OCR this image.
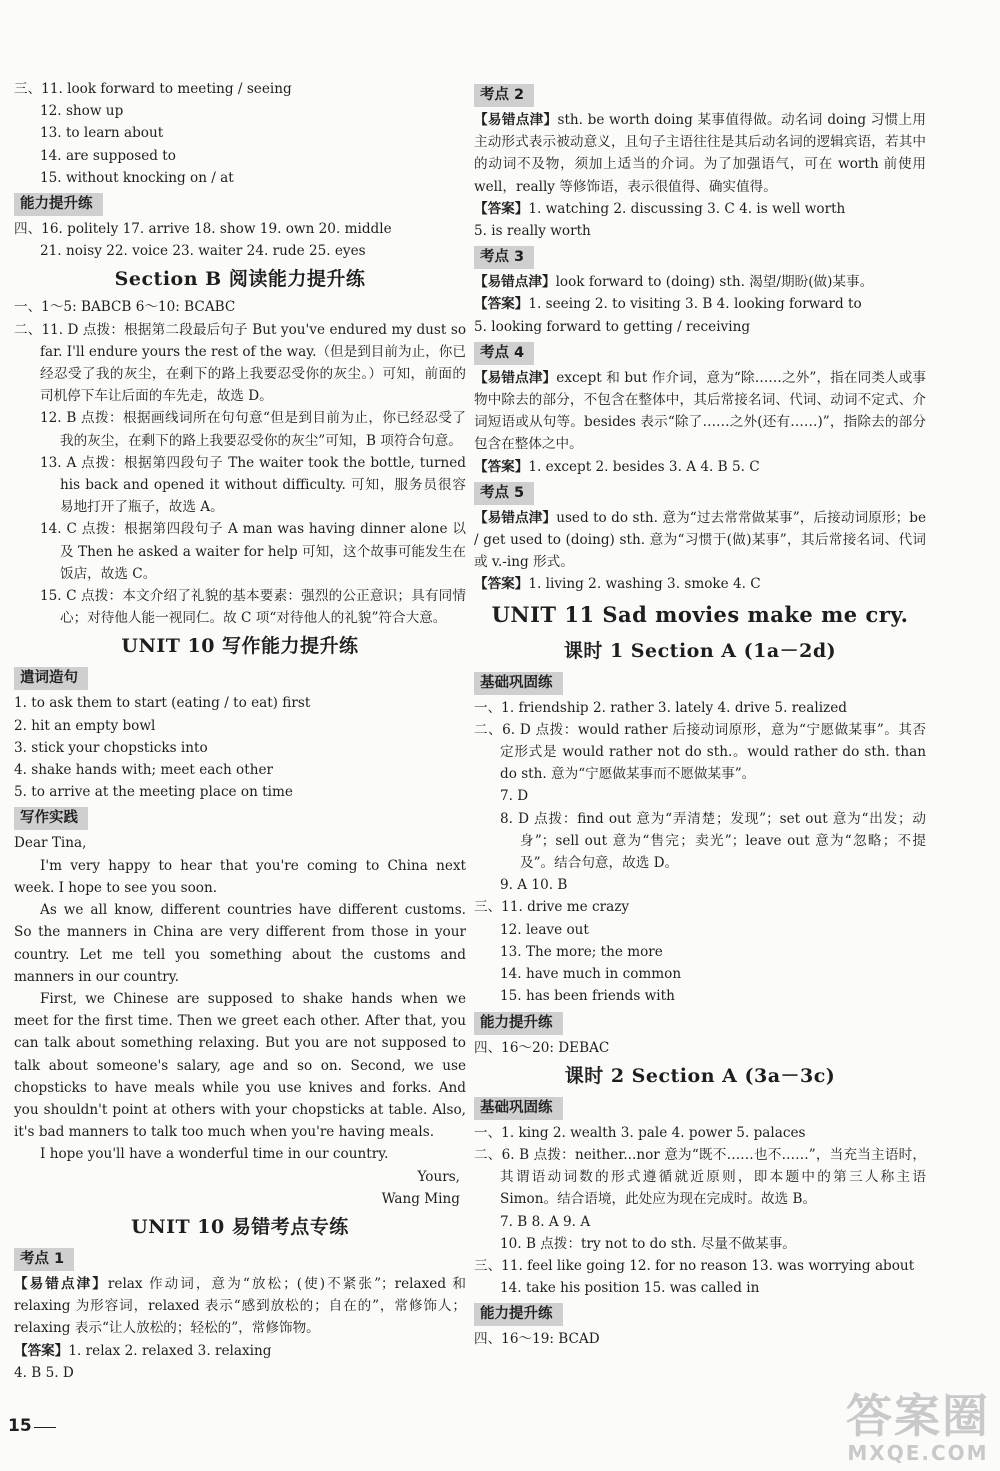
三、11. look forward to meeting / seeing
12. show up
13. to learn about
14. are supposed to
15. without knocking on / at
能力提升练
四、16. politely 17. arrive 18. show 19. own 20. middle
21. noisy 22. voice 23. waiter 24. rude 25. eyes
Section B 阅读能力提升练
一、1～5: BABCB 6～10: BCABC
二、11. D 点拨：根据第二段最后句子 But you've endured my dust so far. I'll endure yours the rest of the way.（但是到目前为止，你已经忍受了我的灰尘，在剩下的路上我要忍受你的灰尘。）可知，前面的司机停下车让后面的车先走，故选 D。
12. B 点拨：根据画线词所在句句意“但是到目前为止，你已经忍受了我的灰尘，在剩下的路上我要忍受你的灰尘”可知，B 项符合句意。
13. A 点拨：根据第四段句子 The waiter took the bottle, turned his back and opened it without difficulty. 可知，服务员很容易地打开了瓶子，故选 A。
14. C 点拨：根据第四段句子 A man was having dinner alone 以及 Then he asked a waiter for help 可知，这个故事可能发生在饭店，故选 C。
15. C 点拨：本文介绍了礼貌的基本要素：强烈的公正意识；具有同情心；对待他人能一视同仁。故 C 项“对待他人的礼貌”符合大意。
UNIT 10 写作能力提升练
遣词造句
1. to ask them to start (eating / to eat) first
2. hit an empty bowl
3. stick your chopsticks into
4. shake hands with; meet each other
5. to arrive at the meeting place on time
写作实践
Dear Tina,
I'm very happy to hear that you're coming to China next week. I hope to see you soon.
As we all know, different countries have different customs. So the manners in China are very different from those in your country. Let me tell you something about the customs and manners in our country.
First, we Chinese are supposed to shake hands when we meet for the first time. Then we greet each other. After that, you can talk about something relaxing. But you are not supposed to talk about someone's salary, age and so on. Second, we use chopsticks to have meals while you use knives and forks. And you shouldn't point at others with your chopsticks at table. Also, it's bad manners to talk too much when you're having meals.
I hope you'll have a wonderful time in our country.
Yours,
Wang Ming
UNIT 10 易错考点专练
考点 1
【易错点津】relax 作动词，意为“放松；(使)不紧张”；relaxed 和 relaxing 为形容词，relaxed 表示“感到放松的；自在的”，常修饰人；relaxing 表示“让人放松的；轻松的”，常修饰物。
【答案】1. relax 2. relaxed 3. relaxing
4. B 5. D
考点 2
【易错点津】sth. be worth doing 某事值得做。动名词 doing 习惯上用主动形式表示被动意义，且句子主语往往是其后动名词的逻辑宾语，若其中的动词不及物，须加上适当的介词。为了加强语气，可在 worth 前使用 well，really 等修饰语，表示很值得、确实值得。
【答案】1. watching 2. discussing 3. C 4. is well worth
5. is really worth
考点 3
【易错点津】look forward to (doing) sth. 渴望/期盼(做)某事。
【答案】1. seeing 2. to visiting 3. B 4. looking forward to
5. looking forward to getting / receiving
考点 4
【易错点津】except 和 but 作介词，意为“除……之外”，指在同类人或事物中除去的部分，不包含在整体中，其后常接名词、代词、动词不定式、介词短语或从句等。besides 表示“除了……之外(还有……)”，指除去的部分包含在整体之中。
【答案】1. except 2. besides 3. A 4. B 5. C
考点 5
【易错点津】used to do sth. 意为“过去常常做某事”，后接动词原形；be / get used to (doing) sth. 意为“习惯于(做)某事”，其后常接名词、代词或 v.-ing 形式。
【答案】1. living 2. washing 3. smoke 4. C
UNIT 11 Sad movies make me cry.
课时 1 Section A (1a－2d)
基础巩固练
一、1. friendship 2. rather 3. lately 4. drive 5. realized
二、6. D 点拨：would rather 后接动词原形，意为“宁愿做某事”。其否定形式是 would rather not do sth.。would rather do sth. than do sth. 意为“宁愿做某事而不愿做某事”。
7. D
8. D 点拨：find out 意为“弄清楚；发现”；set out 意为“出发；动身”；sell out 意为“售完；卖光”；leave out 意为“忽略；不提及”。结合句意，故选 D。
9. A 10. B
三、11. drive me crazy
12. leave out
13. The more; the more
14. have much in common
15. has been friends with
能力提升练
四、16～20: DEBAC
课时 2 Section A (3a－3c)
基础巩固练
一、1. king 2. wealth 3. pale 4. power 5. palaces
二、6. B 点拨：neither...nor 意为“既不……也不……”，当充当主语时，其谓语动词数的形式遵循就近原则，即本题中的第三人称主语 Simon。结合语境，此处应为现在完成时。故选 B。
7. B 8. A 9. A
10. B 点拨：try not to do sth. 尽量不做某事。
三、11. feel like going 12. for no reason 13. was worrying about
14. take his position 15. was called in
能力提升练
四、16～19: BCAD
15	答案圈
MXQE.COM
